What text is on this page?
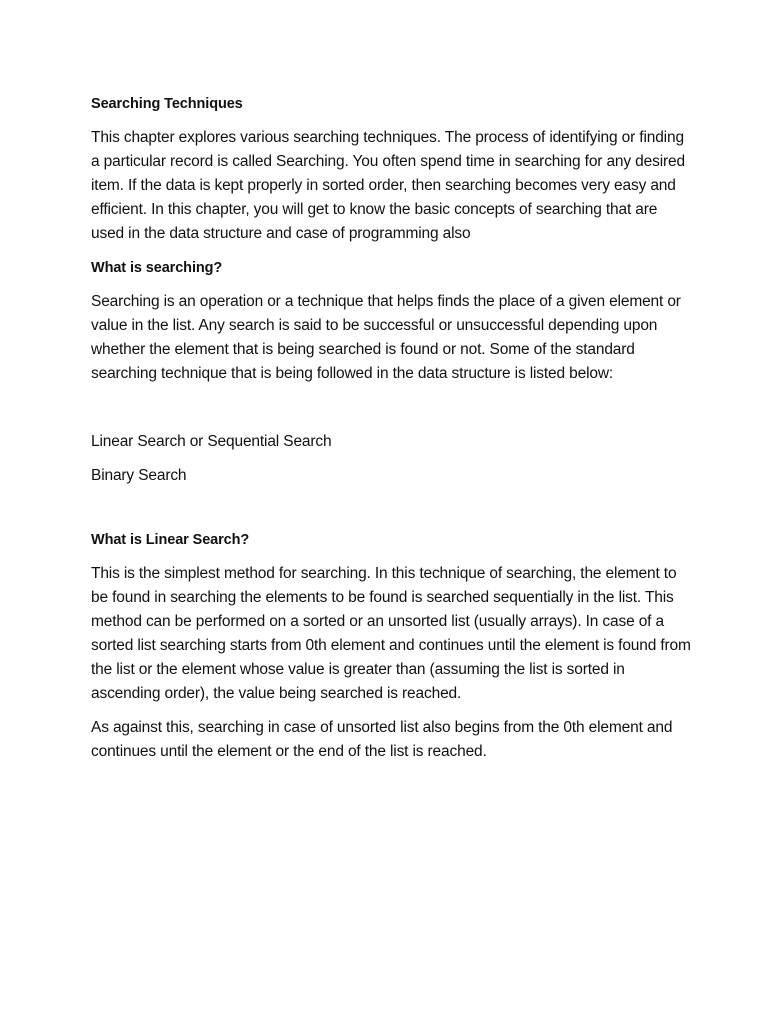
Searching Techniques

This chapter explores various searching techniques. The process of identifying or finding a particular record is called Searching. You often spend time in searching for any desired item. If the data is kept properly in sorted order, then searching becomes very easy and efficient. In this chapter, you will get to know the basic concepts of searching that are used in the data structure and case of programming also

What is searching?

Searching is an operation or a technique that helps finds the place of a given element or value in the list. Any search is said to be successful or unsuccessful depending upon whether the element that is being searched is found or not. Some of the standard searching technique that is being followed in the data structure is listed below:

Linear Search or Sequential Search

Binary Search

What is Linear Search?

This is the simplest method for searching. In this technique of searching, the element to be found in searching the elements to be found is searched sequentially in the list. This method can be performed on a sorted or an unsorted list (usually arrays). In case of a sorted list searching starts from 0th element and continues until the element is found from the list or the element whose value is greater than (assuming the list is sorted in ascending order), the value being searched is reached.

As against this, searching in case of unsorted list also begins from the 0th element and continues until the element or the end of the list is reached.
